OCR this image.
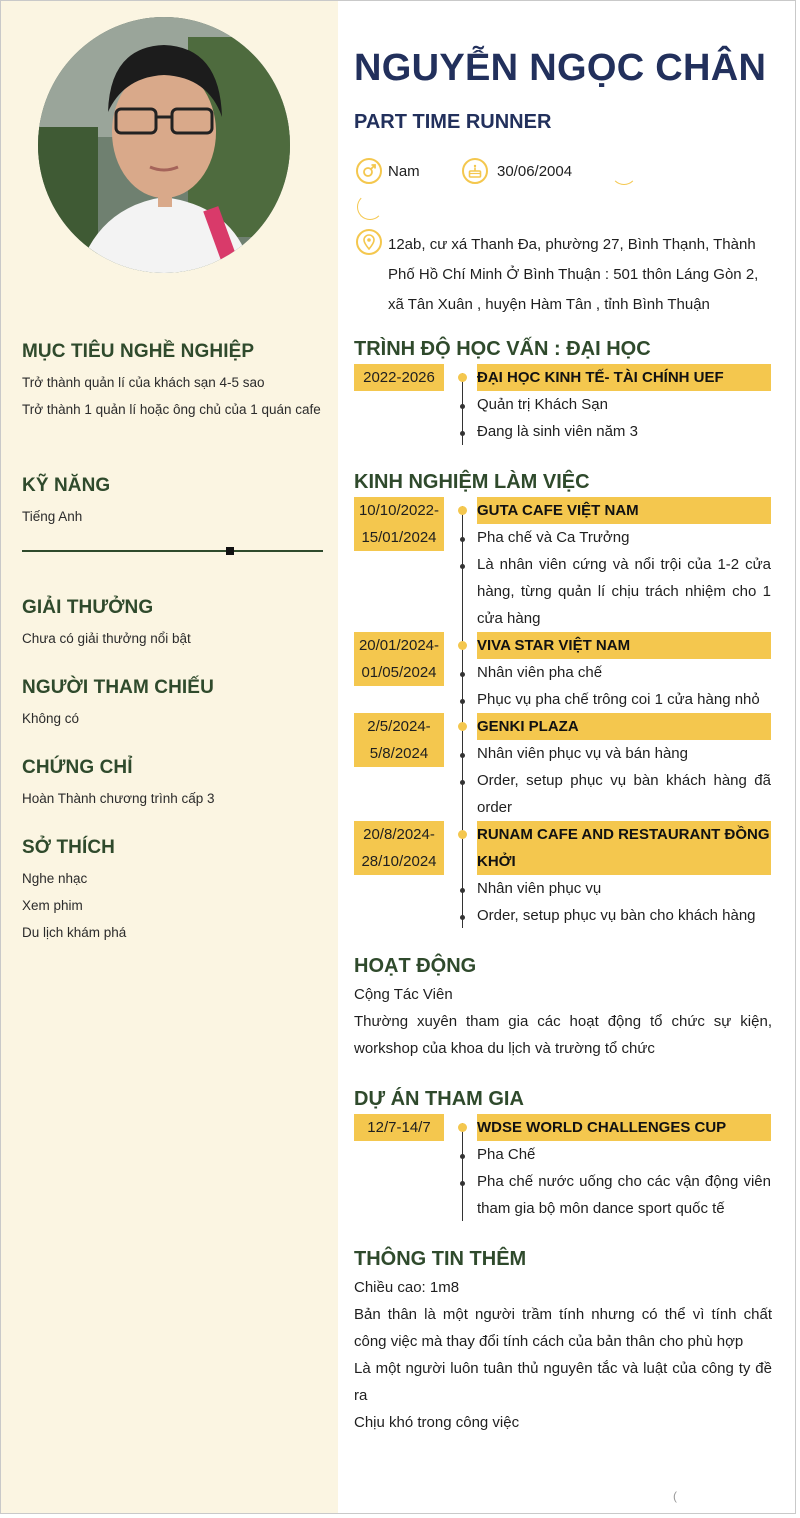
MỤC TIÊU NGHỀ NGHIỆP
Trở thành quản lí của khách sạn 4-5 sao
Trở thành 1 quản lí hoặc ông chủ của 1 quán cafe
KỸ NĂNG
Tiếng Anh
GIẢI THƯỞNG
Chưa có giải thưởng nổi bật
NGƯỜI THAM CHIẾU
Không có
CHỨNG CHỈ
Hoàn Thành chương trình cấp 3
SỞ THÍCH
Nghe nhạc
Xem phim
Du lịch khám phá
NGUYỄN NGỌC CHÂN
PART TIME RUNNER
Nam	30/06/2004
12ab, cư xá Thanh Đa, phường 27, Bình Thạnh, Thành Phố Hồ Chí Minh Ở Bình Thuận : 501 thôn Láng Gòn 2, xã Tân Xuân , huyện Hàm Tân , tỉnh Bình Thuận
TRÌNH ĐỘ HỌC VẤN : ĐẠI HỌC
2022-2026	ĐẠI HỌC KINH TẾ- TÀI CHÍNH UEF
Quản trị Khách Sạn
Đang là sinh viên năm 3
KINH NGHIỆM LÀM VIỆC
10/10/2022-
15/01/2024
GUTA CAFE VIỆT NAM
Pha chế và Ca Trưởng
Là nhân viên cứng và nổi trội của 1-2 cửa hàng, từng quản lí chịu trách nhiệm cho 1 cửa hàng
20/01/2024-
01/05/2024
VIVA STAR VIỆT NAM
Nhân viên pha chế
Phục vụ pha chế trông coi 1 cửa hàng nhỏ
2/5/2024-
5/8/2024
GENKI PLAZA
Nhân viên phục vụ và bán hàng
Order, setup phục vụ bàn khách hàng đã order
20/8/2024-
28/10/2024
RUNAM CAFE AND RESTAURANT ĐỒNG KHỞI
Nhân viên phục vụ
Order, setup phục vụ bàn cho khách hàng
HOẠT ĐỘNG
Cộng Tác Viên
Thường xuyên tham gia các hoạt động tổ chức sự kiện, workshop của khoa du lịch và trường tổ chức
DỰ ÁN THAM GIA
12/7-14/7	WDSE WORLD CHALLENGES CUP
Pha Chế
Pha chế nước uống cho các vận động viên tham gia bộ môn dance sport quốc tế
THÔNG TIN THÊM
Chiều cao: 1m8
Bản thân là một người trầm tính nhưng có thể vì tính chất công việc mà thay đổi tính cách của bản thân cho phù hợp
Là một người luôn tuân thủ nguyên tắc và luật của công ty đề ra
Chịu khó trong công việc
(
